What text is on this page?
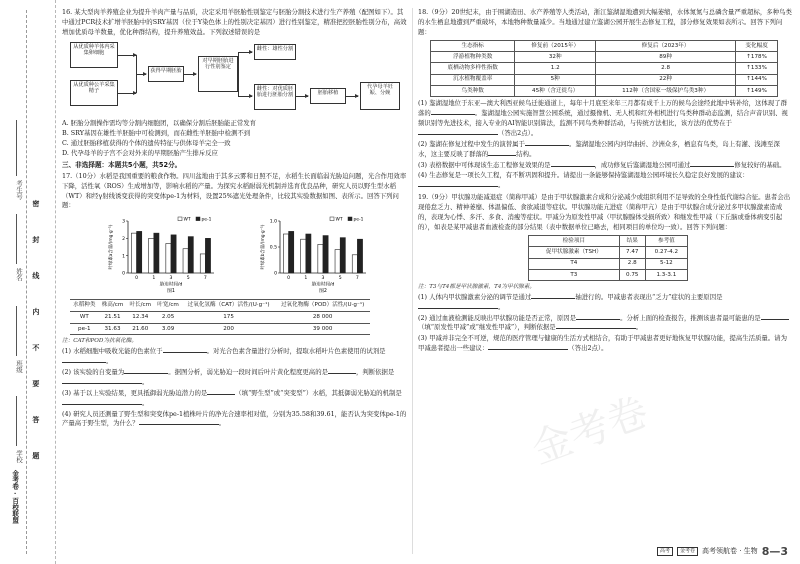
考生号
姓名
班级
学校
密
封
线
内
不
要
答
题
金考卷·百校联盟
16. 某大型肉羊养殖企业为提升羊肉产量与品质，决定采用羊胚胎性别鉴定与胚胎分割技术进行生产养殖（配图如下）。其中通过PCR技术扩增羊胚胎中的SRY基因（位于Y染色体上的性别决定基因）进行性别鉴定，精准把控胚胎性别分布，高效增加优质母羊数量，优化种群结构，提升养殖效益。下列叙述错误的是
从优质种羊体内采集卵细胞
从优质种公羊采集精子
获得早期胚胎
对早期胚胎进行性别鉴定
雌性：雄性分割
雌性：对优质胚胎进行胚胎分割	胚胎移植
代孕母羊妊娠、分娩
A. 胚胎分割操作需均等分割内细胞团，以确保分割后胚胎能正常发育
B. SRY基因在雄性羊胚胎中可检测到，而在雌性羊胚胎中检测不到
C. 通过胚胎移植获得的个体的遗传特征与供体母羊完全一致
D. 代孕母羊的子宫不会对外来的早期胚胎产生排斥反应
三、非选择题：本题共5小题，共52分。
17.（10分）水稻是我国重要的粮食作物。四川盆地由于其多云雾和日照不足，水稻生长面临弱光胁迫问题，光合作用效率下降，活性氧（ROS）生成增加等，影响水稻的产量。为探究水稻耐弱光机制并选育优良品种，研究人员以野生型水稻（WT）和经γ射线诱变获得的突变体pe-1为材料，设置25%遮光处理条件，比较其实验数据如图、表所示。回答下列问题：
0
1
2
3
叶绿素a含量/(mg·g⁻¹)
0	1	3	5	7
胁迫时间/d
图1
WT pe-1
0
0.5
1.0
叶绿素b含量/(mg·g⁻¹)
0	1	3	5	7
胁迫时间/d
图2
WT pe-1
水稻种类	株高/cm	叶长/cm	叶宽/cm	过氧化氢酶（CAT）活性/(U·g⁻¹)	过氧化物酶（POD）活性/(U·g⁻¹)
WT	21.51	12.34	2.05	175	28 000
pe-1	31.63	21.60	3.09	200	39 000
注：CAT和POD为抗氧化酶。
(1) 水稻细胞中吸收光能的色素位于	。对光合色素含量进行分析时，提取水稻叶片色素使用的试剂是。
(2) 该实验的自变量为	。据图分析，弱光胁迫一段时间后叶片黄化程度更高的是	，判断依据是。
(3) 基于以上实验结果，更具抵御弱光胁迫潜力的是	（填“野生型”或“突变型”）水稻，其抵御弱光胁迫的机制是。
(4) 研究人员还测量了野生型和突变体pe-1植株叶片的净光合速率相对值，分别为35.58和39.61，能否认为突变体pe-1的产量高于野生型，为什么？	。
18.（9分）20世纪末，由于围湖造田、水产养殖等人类活动，浙江鉴湖湿地遭到大幅萎缩，水体氮氮与总磷含量严重超标，多种鸟类的水生栖息地遭到严重破坏，本地物种数量减少。当地通过建立鉴湖公园开展生态修复工程，部分修复效果如表所示。回答下列问题：
生态指标	修复前（2015年）	修复后（2023年）	变化幅度
浮游植物种类数	32种	89种	↑178%
底栖动物多样性指数	1.2	2.8	↑133%
沉水植物覆盖率	5种	22种	↑144%
鸟类种数	45种（含迁徙鸟）	112种（含国家一级保护鸟类3种）	↑149%
(1) 鉴湖湿地位于东亚—澳大利西亚候鸟迁徙通道上，每年十月底至来年三月都有成千上万的候鸟会途经此地中转补给，这体现了群落的	。鉴湖湿地公园实施智慧公园系统，通过摄像机、无人机和红外相机进行鸟类种群动态监测，结合声音识别、视频识别等先进技术，接入专业的AI智能识别算法，监测不同鸟类种群活动，与传统方法相比，该方法的优势在于（答出2点）。
(2) 鉴湖在修复过程中发生的演替属于	。鉴湖湿地公园内河岸曲折、沙洲众多，栖息有鸟类，岛上有灌、浅滩至深水，这主要反映了群落的	结构。
(3) 表格数据中可体现该生态工程修复效果的是	，成功修复后鉴湖湿地公园可通过	修复较好的基础。
(4) 生态修复是一项长久工程，有不断巩固和提升。请提出一条能够保持鉴湖湿地公园环境长久稳定良好发展的建议：。
19.（9分）甲状腺功能减退症（简称甲减）是由于甲状腺激素合成和分泌减少或组织利用不足导致的全身性低代谢综合征。患者会出现倦怠乏力、精神萎靡、体温偏低、食欲减退等症状。甲状腺功能亢进症（简称甲亢）是由于甲状腺合成分泌过多甲状腺激素造成的，表现为心悸、多汗、多食、消瘦等症状。甲减分为原发性甲减（甲状腺腺体受损所致）和继发性甲减（下丘脑或垂体病变引起的），如表是某甲减患者血液检查的部分结果（表中数据单位已略去，相同项目的单位均一致）。回答下列问题：
检验项目	结果	参考值
促甲状腺激素（TSH）	7.47	0.27-4.2
T4	2.8	5-12
T3	0.75	1.3-3.1
注：T3与T4都是甲状腺激素，T4为甲状腺素。
(1) 人体内甲状腺激素分泌的调节是通过	轴进行的。甲减患者表现出“乏力”症状的主要原因是。
(2) 通过血液检测能反映出甲状腺功能是否正常，原因是	。分析上面的检查报告，推测该患者最可能患的是（填“原发性甲减”或“继发性甲减”），判断依据是	。
(3) 甲减并非完全不可逆，规范的医疗管理与健康的生活方式相结合，有助于甲减患者更好地恢复甲状腺功能，提高生活质量。请为甲减患者提出一些建议：	（答出2点）。
金考卷
高考	金考卷	高考领航卷 · 生物 8—3
